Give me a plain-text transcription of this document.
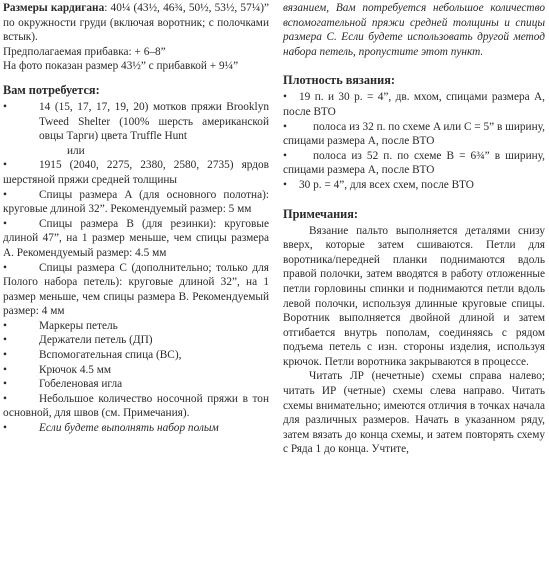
Размеры кардигана: 40¼ (43½, 46¾, 50½, 53½, 57¼)” по окружности груди (включая воротник; с полочками встык).

Предполагаемая прибавка: + 6–8”

На фото показан размер 43½” с прибавкой + 9¼”

Вам потребуется:

•	14 (15, 17, 17, 19, 20) мотков пряжи Brooklyn Tweed Shelter (100% шерсть американской овцы Тарги) цвета Truffle Hunt

или

•	1915 (2040, 2275, 2380, 2580, 2735) ярдов шерстяной пряжи средней толщины

•	Спицы размера A (для основного полотна): круговые длиной 32”. Рекомендуемый размер: 5 мм

•	Спицы размера B (для резинки): круговые длиной 47”, на 1 размер меньше, чем спицы размера A. Рекомендуемый размер: 4.5 мм

•	Спицы размера C (дополнительно; только для Полого набора петель): круговые длиной 32”, на 1 размер меньше, чем спицы размера B. Рекомендуемый размер: 4 мм

•	Маркеры петель

•	Держатели петель (ДП)

•	Вспомогательная спица (ВС),

•	Крючок 4.5 мм

•	Гобеленовая игла

•	Небольшое количество носочной пряжи в тон основной, для швов (см. Примечания).

•	Если будете выполнять набор полым

вязанием, Вам потребуется небольшое количество вспомогательной пряжи средней толщины и спицы размера C. Если будете использовать другой метод набора петель, пропустите этот пункт.

Плотность вязания:

• 19 п. и 30 р. = 4”, дв. мхом, спицами размера A, после ВТО

• полоса из 32 п. по схеме A или C = 5” в ширину, спицами размера A, после ВТО

• полоса из 52 п. по схеме B = 6¾” в ширину, спицами размера A, после ВТО

• 30 р. = 4”, для всех схем, после ВТО

Примечания:

Вязание пальто выполняется деталями снизу вверх, которые затем сшиваются. Петли для воротника/передней планки поднимаются вдоль правой полочки, затем вводятся в работу отложенные петли горловины спинки и поднимаются петли вдоль левой полочки, используя длинные круговые спицы. Воротник выполняется двойной длиной и затем отгибается внутрь пополам, соединяясь с рядом подъема петель с изн. стороны изделия, используя крючок. Петли воротника закрываются в процессе.

Читать ЛР (нечетные) схемы справа налево; читать ИР (четные) схемы слева направо. Читать схемы внимательно; имеются отличия в точках начала для различных размеров. Начать в указанном ряду, затем вязать до конца схемы, и затем повторять схему с Ряда 1 до конца. Учтите,
